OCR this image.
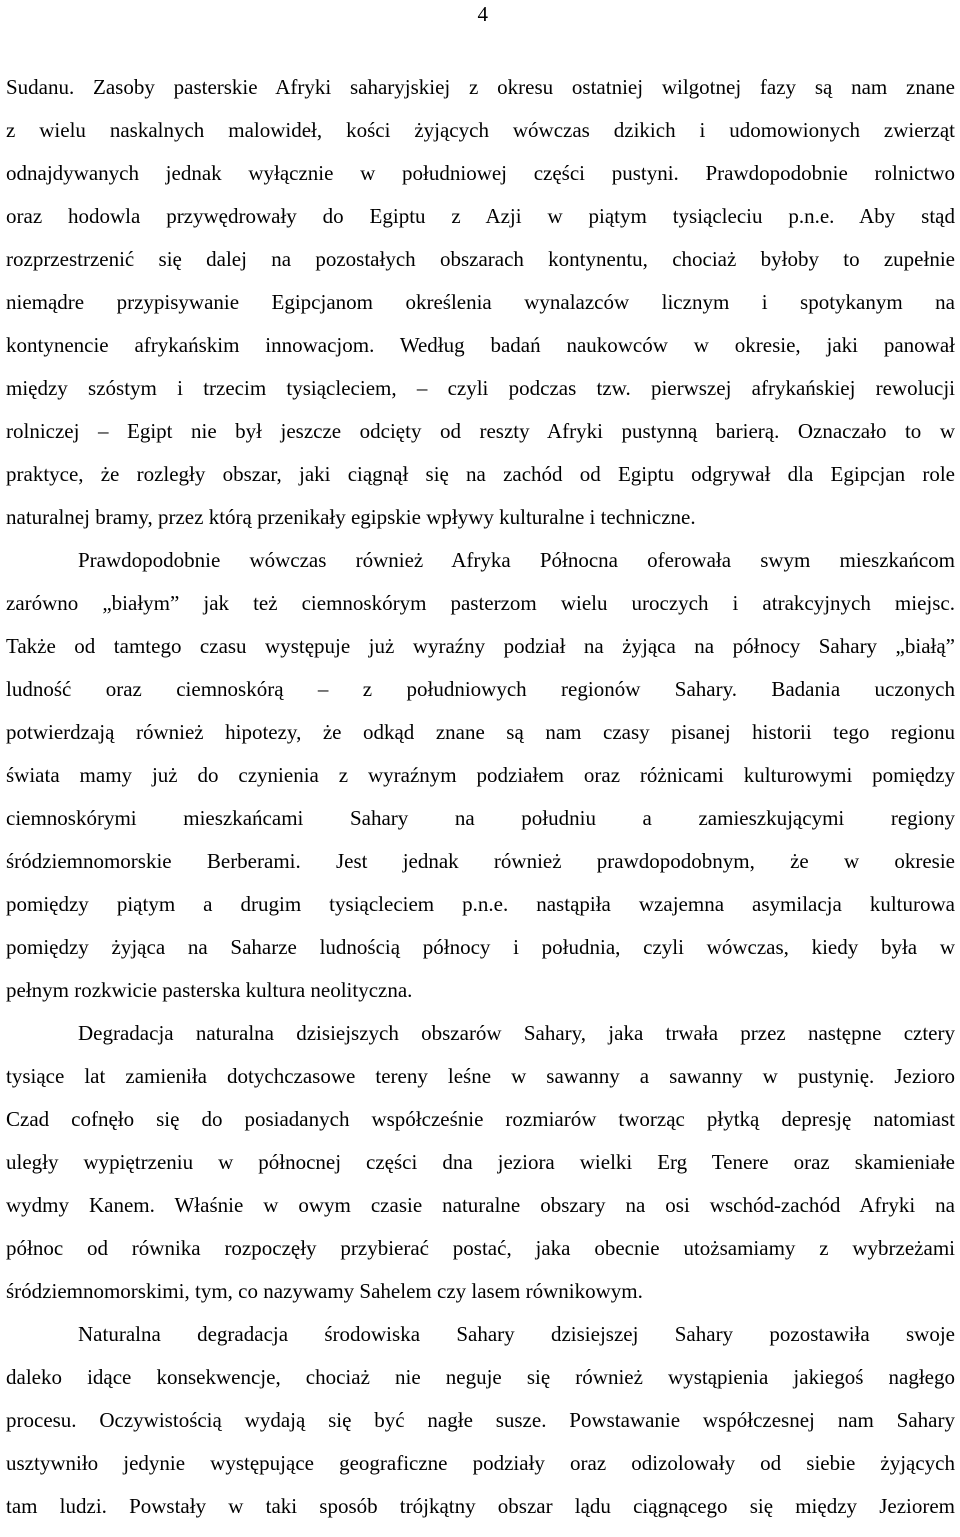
4
Sudanu. Zasoby pasterskie Afryki saharyjskiej z okresu ostatniej wilgotnej fazy są nam znane
z wielu naskalnych malowideł, kości żyjących wówczas dzikich i udomowionych zwierząt
odnajdywanych jednak wyłącznie w południowej części pustyni. Prawdopodobnie rolnictwo
oraz hodowla przywędrowały do Egiptu z Azji w piątym tysiącleciu p.n.e. Aby stąd
rozprzestrzenić się dalej na pozostałych obszarach kontynentu, chociaż byłoby to zupełnie
niemądre przypisywanie Egipcjanom określenia wynalazców licznym i spotykanym na
kontynencie afrykańskim innowacjom. Według badań naukowców w okresie, jaki panował
między szóstym i trzecim tysiącleciem, – czyli podczas tzw. pierwszej afrykańskiej rewolucji
rolniczej – Egipt nie był jeszcze odcięty od reszty Afryki pustynną barierą. Oznaczało to w
praktyce, że rozległy obszar, jaki ciągnął się na zachód od Egiptu odgrywał dla Egipcjan role
naturalnej bramy, przez którą przenikały egipskie wpływy kulturalne i techniczne.
Prawdopodobnie wówczas również Afryka Północna oferowała swym mieszkańcom
zarówno „białym” jak też ciemnoskórym pasterzom wielu uroczych i atrakcyjnych miejsc.
Także od tamtego czasu występuje już wyraźny podział na żyjąca na północy Sahary „białą”
ludność oraz ciemnoskórą – z południowych regionów Sahary. Badania uczonych
potwierdzają również hipotezy, że odkąd znane są nam czasy pisanej historii tego regionu
świata mamy już do czynienia z wyraźnym podziałem oraz różnicami kulturowymi pomiędzy
ciemnoskórymi mieszkańcami Sahary na południu a zamieszkującymi regiony
śródziemnomorskie Berberami. Jest jednak również prawdopodobnym, że w okresie
pomiędzy piątym a drugim tysiącleciem p.n.e. nastąpiła wzajemna asymilacja kulturowa
pomiędzy żyjąca na Saharze ludnością północy i południa, czyli wówczas, kiedy była w
pełnym rozkwicie pasterska kultura neolityczna.
Degradacja naturalna dzisiejszych obszarów Sahary, jaka trwała przez następne cztery
tysiące lat zamieniła dotychczasowe tereny leśne w sawanny a sawanny w pustynię. Jezioro
Czad cofnęło się do posiadanych współcześnie rozmiarów tworząc płytką depresję natomiast
uległy wypiętrzeniu w północnej części dna jeziora wielki Erg Tenere oraz skamieniałe
wydmy Kanem. Właśnie w owym czasie naturalne obszary na osi wschód-zachód Afryki na
północ od równika rozpoczęły przybierać postać, jaka obecnie utożsamiamy z wybrzeżami
śródziemnomorskimi, tym, co nazywamy Sahelem czy lasem równikowym.
Naturalna degradacja środowiska Sahary dzisiejszej Sahary pozostawiła swoje
daleko idące konsekwencje, chociaż nie neguje się również wystąpienia jakiegoś nagłego
procesu. Oczywistością wydają się być nagłe susze. Powstawanie współczesnej nam Sahary
usztywniło jedynie występujące geograficzne podziały oraz odizolowały od siebie żyjących
tam ludzi. Powstały w taki sposób trójkątny obszar lądu ciągnącego się między Jeziorem
